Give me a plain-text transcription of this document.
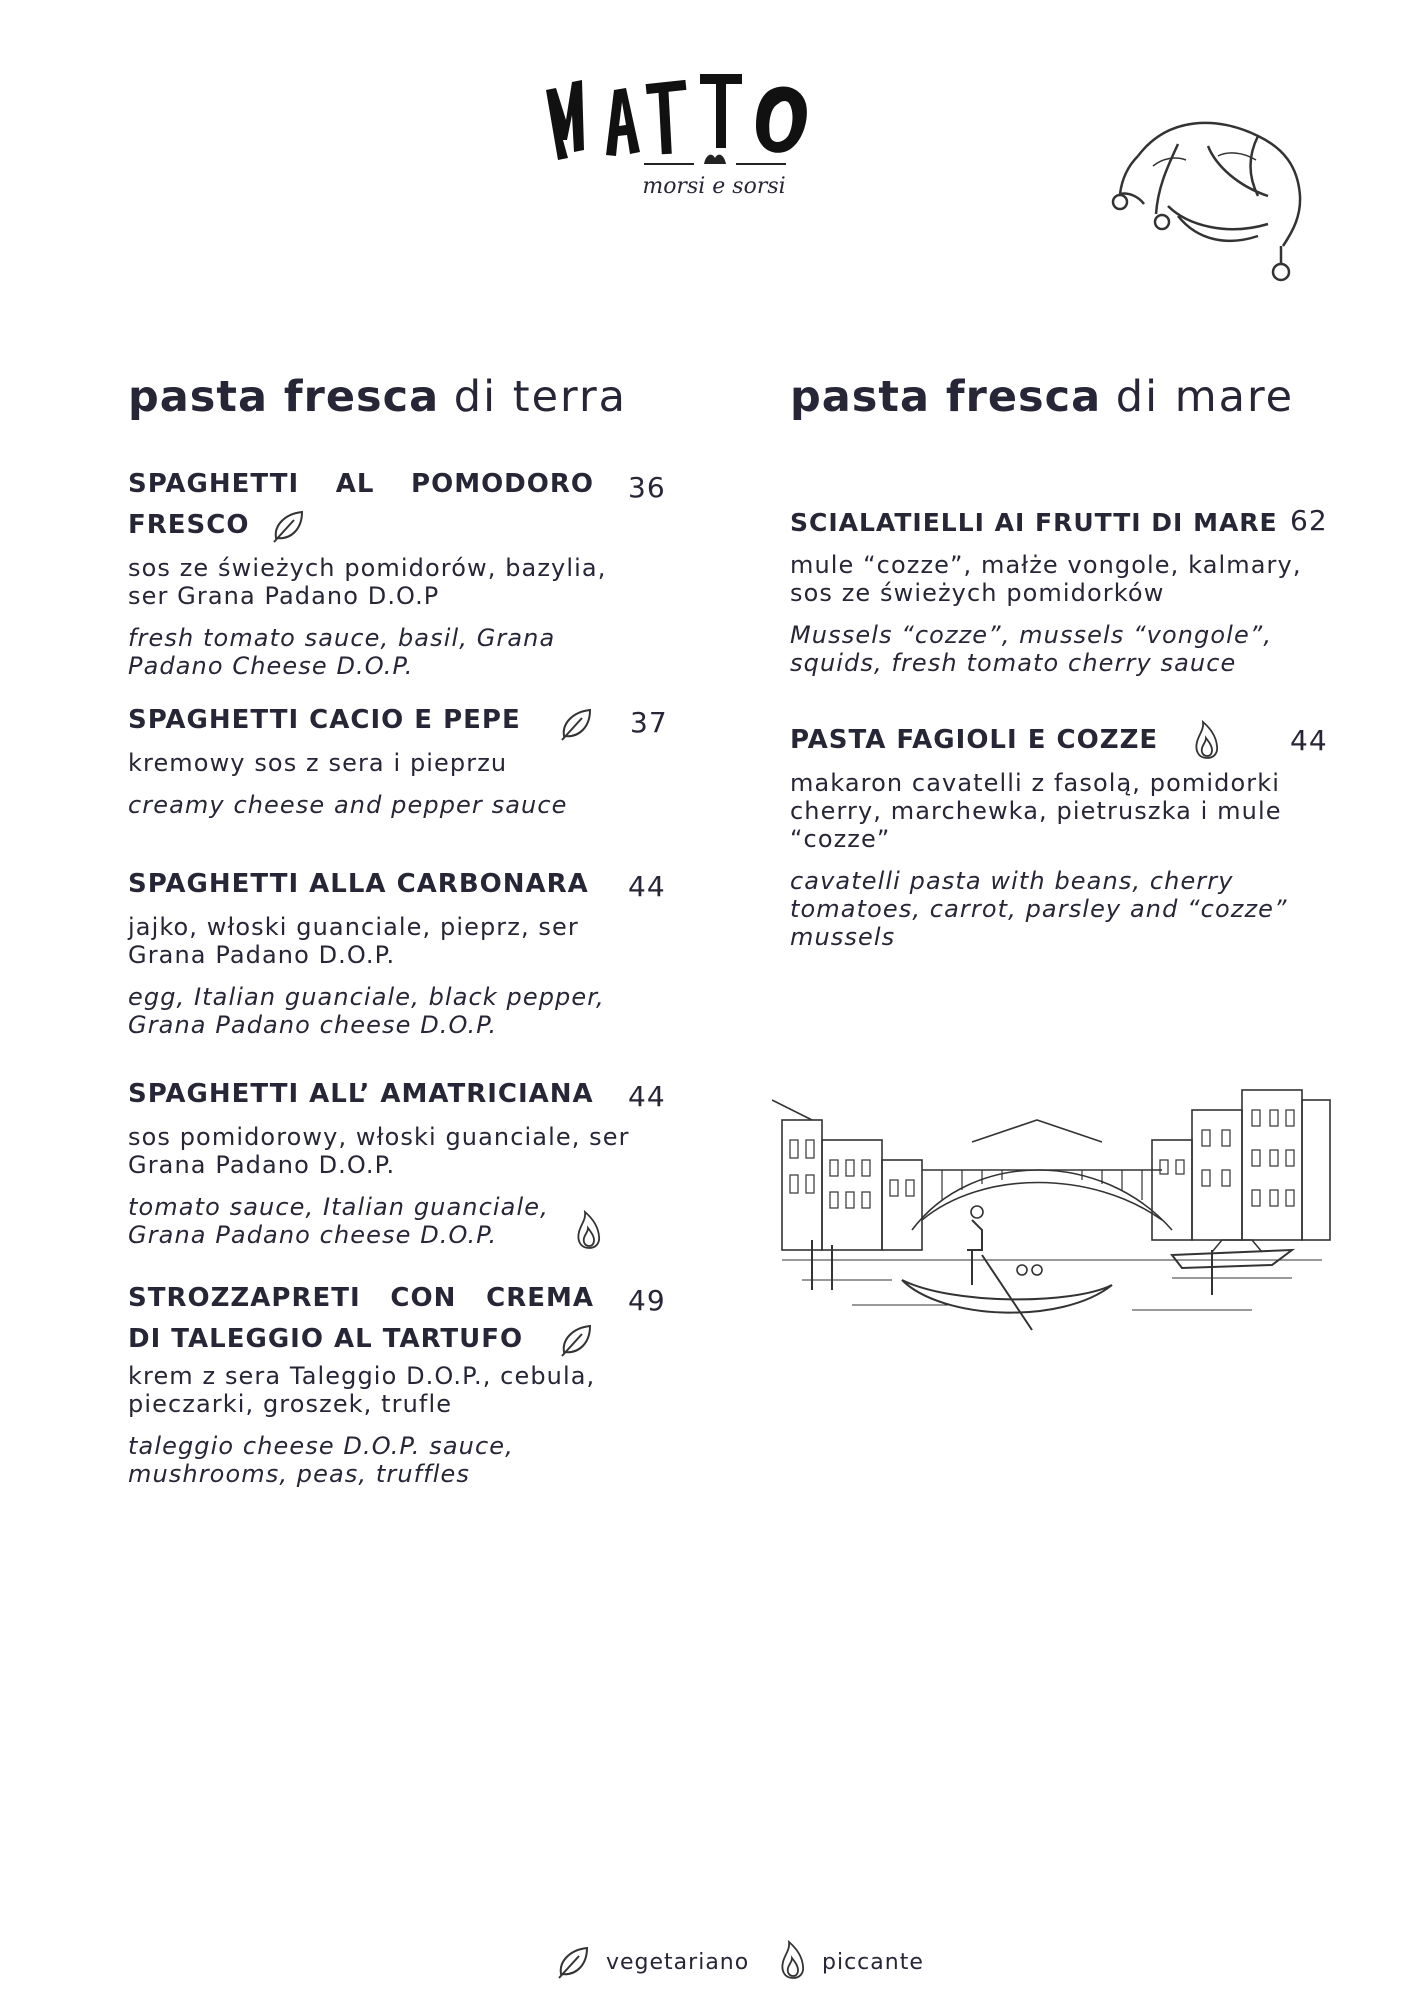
morsi e sorsi
pasta fresca di terra	pasta fresca di mare
SPAGHETTI AL POMODORO
FRESCO
sos ze świeżych pomidorów, bazylia, ser Grana Padano D.O.P
fresh tomato sauce, basil, Grana Padano Cheese D.O.P.
36
SPAGHETTI CACIO E PEPE
kremowy sos z sera i pieprzu
creamy cheese and pepper sauce
37
SPAGHETTI ALLA CARBONARA
jajko, włoski guanciale, pieprz, ser Grana Padano D.O.P.
egg, Italian guanciale, black pepper, Grana Padano cheese D.O.P.
44
SPAGHETTI ALL’ AMATRICIANA
sos pomidorowy, włoski guanciale, ser Grana Padano D.O.P.
tomato sauce, Italian guanciale, Grana Padano cheese D.O.P.
44
STROZZAPRETI CON CREMA
DI TALEGGIO AL TARTUFO
krem z sera Taleggio D.O.P., cebula, pieczarki, groszek, trufle
taleggio cheese D.O.P. sauce, mushrooms, peas, truffles
49
SCIALATIELLI AI FRUTTI DI MARE
mule “cozze”, małże vongole, kalmary, sos ze świeżych pomidorków
Mussels “cozze”, mussels “vongole”, squids, fresh tomato cherry sauce
62
PASTA FAGIOLI E COZZE
makaron cavatelli z fasolą, pomidorki cherry, marchewka, pietruszka i mule “cozze”
cavatelli pasta with beans, cherry tomatoes, carrot, parsley and “cozze” mussels
44
vegetariano	piccante
